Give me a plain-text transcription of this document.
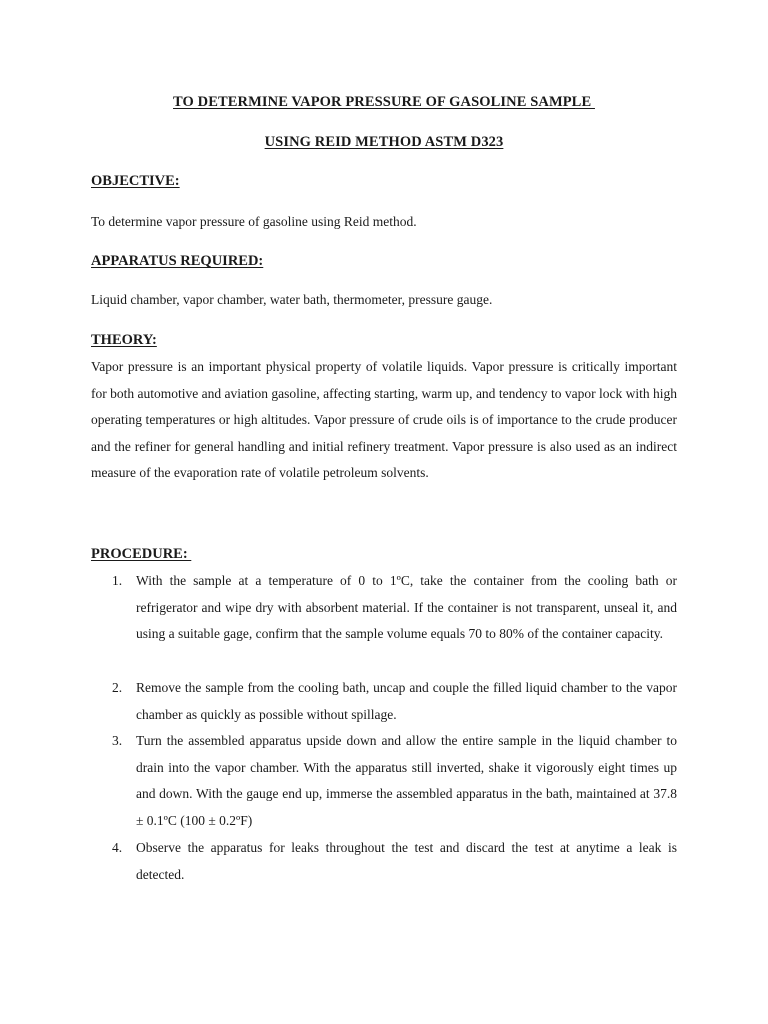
TO DETERMINE VAPOR PRESSURE OF GASOLINE SAMPLE
USING REID METHOD ASTM D323
OBJECTIVE:
To determine vapor pressure of gasoline using Reid method.
APPARATUS REQUIRED:
Liquid chamber, vapor chamber, water bath, thermometer, pressure gauge.
THEORY:
Vapor pressure is an important physical property of volatile liquids. Vapor pressure is critically important for both automotive and aviation gasoline, affecting starting, warm up, and tendency to vapor lock with high operating temperatures or high altitudes. Vapor pressure of crude oils is of importance to the crude producer and the refiner for general handling and initial refinery treatment. Vapor pressure is also used as an indirect measure of the evaporation rate of volatile petroleum solvents.
PROCEDURE:
1.	With the sample at a temperature of 0 to 1ºC, take the container from the cooling bath or refrigerator and wipe dry with absorbent material. If the container is not transparent, unseal it, and using a suitable gage, confirm that the sample volume equals 70 to 80% of the container capacity.
2.	Remove the sample from the cooling bath, uncap and couple the filled liquid chamber to the vapor chamber as quickly as possible without spillage.
3.	Turn the assembled apparatus upside down and allow the entire sample in the liquid chamber to drain into the vapor chamber. With the apparatus still inverted, shake it vigorously eight times up and down. With the gauge end up, immerse the assembled apparatus in the bath, maintained at 37.8 ± 0.1ºC (100 ± 0.2ºF)
4.	Observe the apparatus for leaks throughout the test and discard the test at anytime a leak is detected.
